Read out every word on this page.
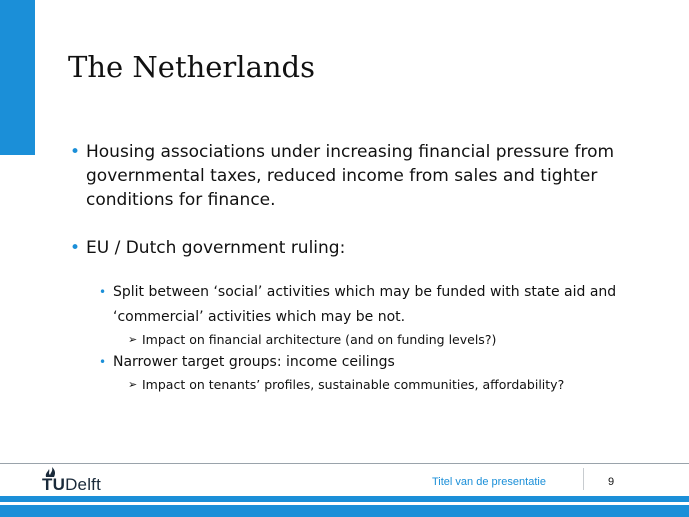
The Netherlands
• Housing associations under increasing financial pressure from governmental taxes, reduced income from sales and tighter conditions for finance.
• EU / Dutch government ruling:
• Split between ‘social’ activities which may be funded with state aid and ‘commercial’ activities which may be not.
➢ Impact on financial architecture (and on funding levels?)
• Narrower target groups: income ceilings
➢ Impact on tenants’ profiles, sustainable communities, affordability?
TUDelft	Titel van de presentatie	9
